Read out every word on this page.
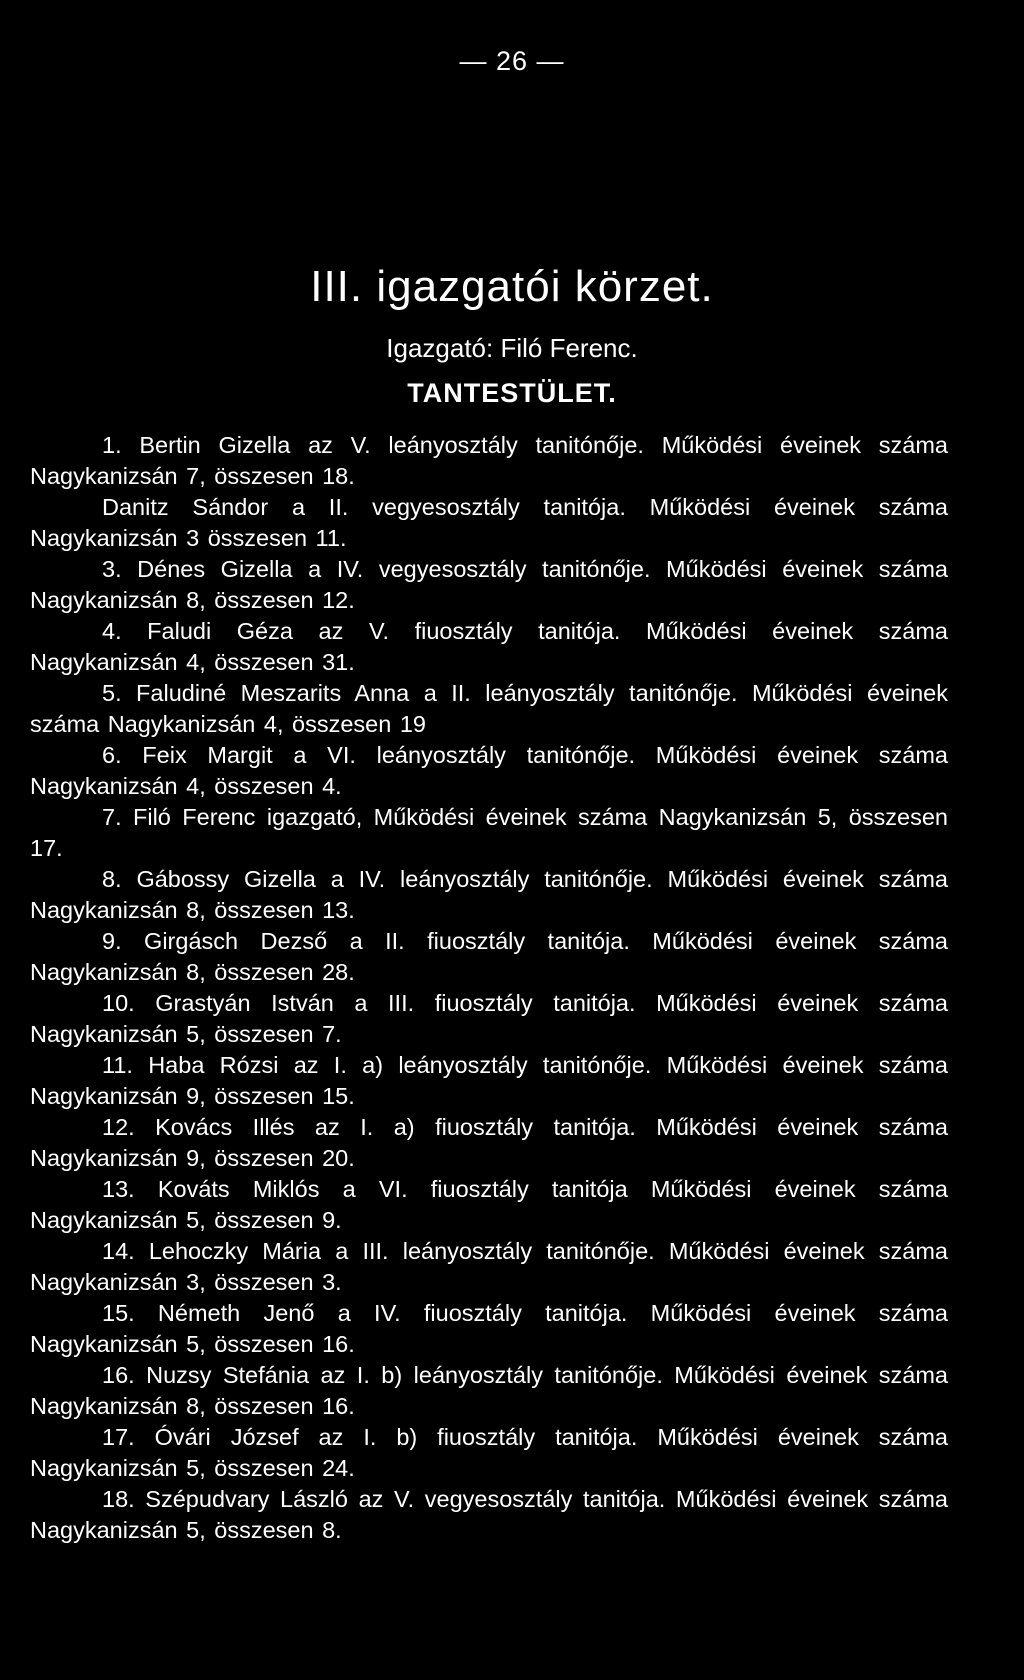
— 26 —
III. igazgatói körzet.
Igazgató: Filó Ferenc.
TANTESTÜLET.
1. Bertin Gizella az V. leányosztály tanitónője. Működési éveinek száma Nagykanizsán 7, összesen 18.
Danitz Sándor a II. vegyesosztály tanitója. Működési éveinek száma Nagykanizsán 3 összesen 11.
3. Dénes Gizella a IV. vegyesosztály tanitónője. Működési éveinek száma Nagykanizsán 8, összesen 12.
4. Faludi Géza az V. fiuosztály tanitója. Működési éveinek száma Nagykanizsán 4, összesen 31.
5. Faludiné Meszarits Anna a II. leányosztály tanitónője. Működési éveinek száma Nagykanizsán 4, összesen 19
6. Feix Margit a VI. leányosztály tanitónője. Működési éveinek száma Nagykanizsán 4, összesen 4.
7. Filó Ferenc igazgató, Működési éveinek száma Nagykanizsán 5, összesen 17.
8. Gábossy Gizella a IV. leányosztály tanitónője. Működési éveinek száma Nagykanizsán 8, összesen 13.
9. Girgásch Dezső a II. fiuosztály tanitója. Működési éveinek száma Nagykanizsán 8, összesen 28.
10. Grastyán István a III. fiuosztály tanitója. Működési éveinek száma Nagykanizsán 5, összesen 7.
11. Haba Rózsi az I. a) leányosztály tanitónője. Működési éveinek száma Nagykanizsán 9, összesen 15.
12. Kovács Illés az I. a) fiuosztály tanitója. Működési éveinek száma Nagykanizsán 9, összesen 20.
13. Kováts Miklós a VI. fiuosztály tanitója Működési éveinek száma Nagykanizsán 5, összesen 9.
14. Lehoczky Mária a III. leányosztály tanitónője. Működési éveinek száma Nagykanizsán 3, összesen 3.
15. Németh Jenő a IV. fiuosztály tanitója. Működési éveinek száma Nagykanizsán 5, összesen 16.
16. Nuzsy Stefánia az I. b) leányosztály tanitónője. Működési éveinek száma Nagykanizsán 8, összesen 16.
17. Óvári József az I. b) fiuosztály tanitója. Működési éveinek száma Nagykanizsán 5, összesen 24.
18. Szépudvary László az V. vegyesosztály tanitója. Működési éveinek száma Nagykanizsán 5, összesen 8.
